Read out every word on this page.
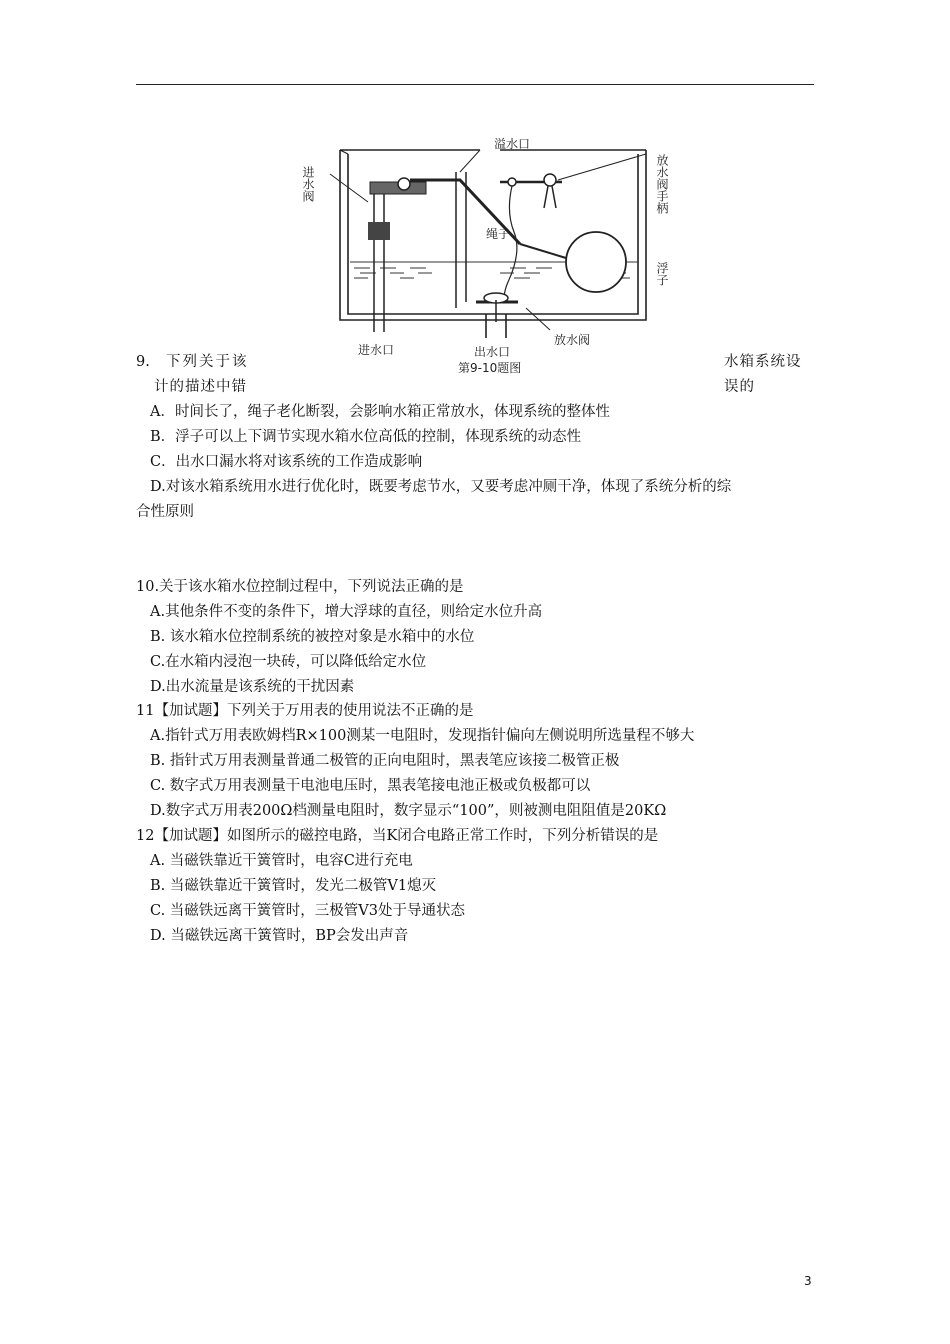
进水阀
溢水口
放水阀手柄
绳子
浮子
进水口	出水口
放水阀
第9-10题图
9. 下列关于该	水箱系统设
计的描述中错	误的
A．时间长了，绳子老化断裂，会影响水箱正常放水，体现系统的整体性
B．浮子可以上下调节实现水箱水位高低的控制，体现系统的动态性
C．出水口漏水将对该系统的工作造成影响
D.对该水箱系统用水进行优化时，既要考虑节水，又要考虑冲厕干净，体现了系统分析的综
合性原则
10.关于该水箱水位控制过程中，下列说法正确的是
A.其他条件不变的条件下，增大浮球的直径，则给定水位升高
B. 该水箱水位控制系统的被控对象是水箱中的水位
C.在水箱内浸泡一块砖，可以降低给定水位
D.出水流量是该系统的干扰因素
11【加试题】下列关于万用表的使用说法不正确的是
A.指针式万用表欧姆档R×100测某一电阻时，发现指针偏向左侧说明所选量程不够大
B. 指针式万用表测量普通二极管的正向电阻时，黑表笔应该接二极管正极
C. 数字式万用表测量干电池电压时，黑表笔接电池正极或负极都可以
D.数字式万用表200Ω档测量电阻时，数字显示“100”，则被测电阻阻值是20KΩ
12【加试题】如图所示的磁控电路，当K闭合电路正常工作时，下列分析错误的是
A. 当磁铁靠近干簧管时，电容C进行充电
B. 当磁铁靠近干簧管时，发光二极管V1熄灭
C. 当磁铁远离干簧管时，三极管V3处于导通状态
D. 当磁铁远离干簧管时，BP会发出声音
3
